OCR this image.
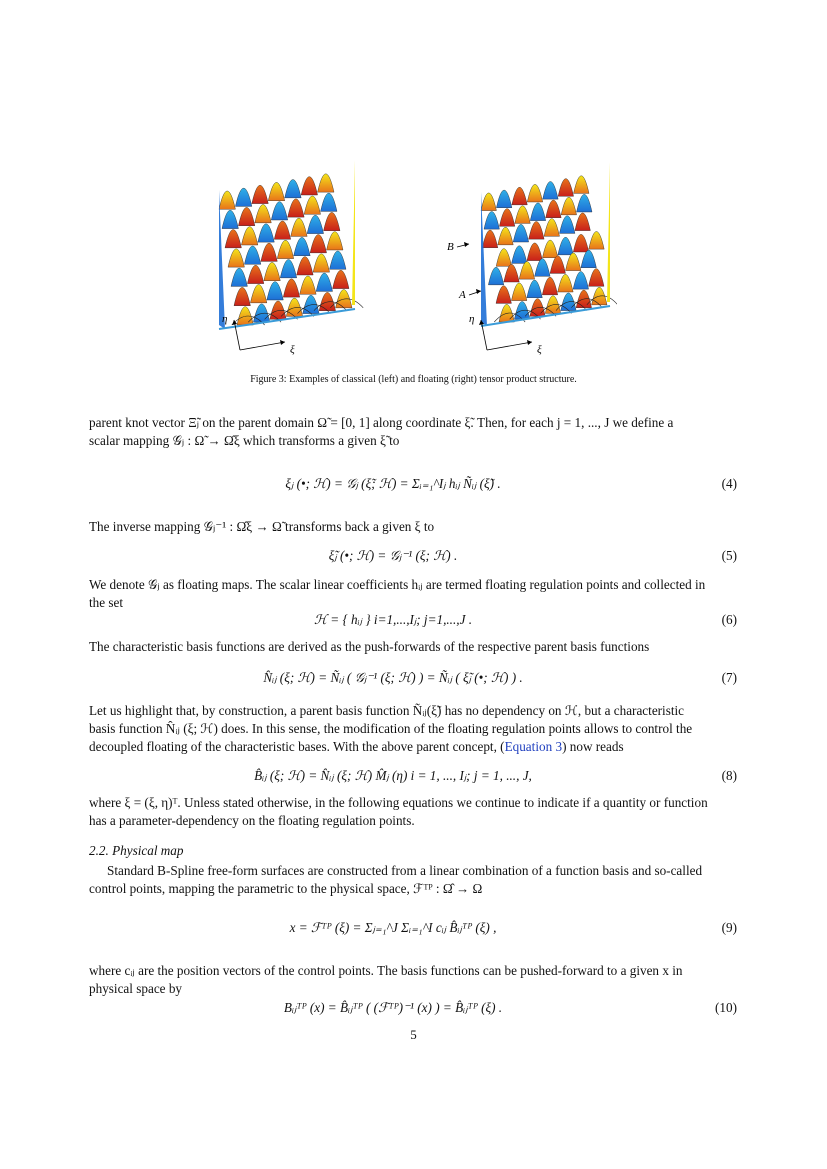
η
ξ
η
ξ
B
A
Figure 3: Examples of classical (left) and floating (right) tensor product structure.
parent knot vector Ξ̃ⱼ on the parent domain Ω̃ = [0, 1] along coordinate ξ̃. Then, for each j = 1, ..., J we define a
scalar mapping 𝒢ⱼ : Ω̃ → Ω̂ξ which transforms a given ξ̃ to
ξⱼ (•; ℋ) = 𝒢ⱼ (ξ̃; ℋ) = Σᵢ₌₁^Iⱼ hᵢⱼ Ñᵢⱼ (ξ̃) .	(4)
The inverse mapping 𝒢ⱼ⁻¹ : Ω̂ξ → Ω̃ transforms back a given ξ to
ξ̃ⱼ (•; ℋ) = 𝒢ⱼ⁻¹ (ξ; ℋ) .	(5)
We denote 𝒢ⱼ as floating maps. The scalar linear coefficients hᵢⱼ are termed floating regulation points and collected in
the set
ℋ = { hᵢⱼ } i=1,...,Iⱼ; j=1,...,J .	(6)
The characteristic basis functions are derived as the push-forwards of the respective parent basis functions
N̂ᵢⱼ (ξ; ℋ) = Ñᵢⱼ ( 𝒢ⱼ⁻¹ (ξ; ℋ) ) = Ñᵢⱼ ( ξ̃ⱼ (•; ℋ) ) .	(7)
Let us highlight that, by construction, a parent basis function Ñᵢⱼ(ξ̃) has no dependency on ℋ, but a characteristic
basis function N̂ᵢⱼ (ξ; ℋ) does. In this sense, the modification of the floating regulation points allows to control the
decoupled floating of the characteristic bases. With the above parent concept, (Equation 3) now reads
B̂ᵢⱼ (ξ; ℋ) = N̂ᵢⱼ (ξ; ℋ) M̂ⱼ (η) i = 1, ..., Iⱼ; j = 1, ..., J,	(8)
where ξ = (ξ, η)ᵀ. Unless stated otherwise, in the following equations we continue to indicate if a quantity or function
has a parameter-dependency on the floating regulation points.
2.2. Physical map
Standard B-Spline free-form surfaces are constructed from a linear combination of a function basis and so-called
control points, mapping the parametric to the physical space, ℱᵀᴾ : Ω̂ → Ω
x = ℱᵀᴾ (ξ) = Σⱼ₌₁^J Σᵢ₌₁^I cᵢⱼ B̂ᵢⱼᵀᴾ (ξ) ,	(9)
where cᵢⱼ are the position vectors of the control points. The basis functions can be pushed-forward to a given x in
physical space by
Bᵢⱼᵀᴾ (x) = B̂ᵢⱼᵀᴾ ( (ℱᵀᴾ)⁻¹ (x) ) = B̂ᵢⱼᵀᴾ (ξ) .	(10)
5
